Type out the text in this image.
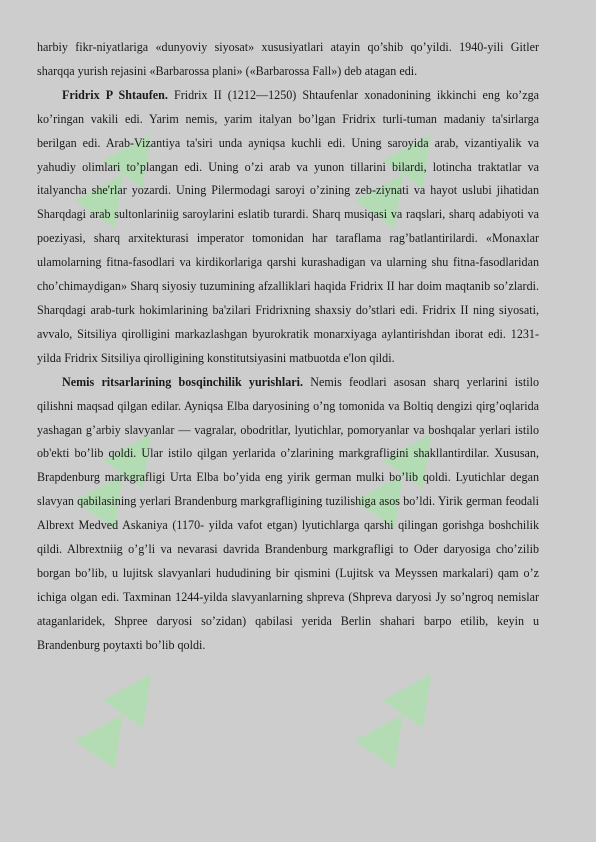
▶▶	▶▶
▶▶	▶▶
▶▶	▶▶

harbiy fikr-niyatlariga «dunyoviy siyosat» xususiyatlari atayin qo’shib qo’yildi. 1940-yili Gitler sharqqa yurish rejasini «Barbarossa plani» («Barbarossa Fall») deb atagan edi.

Fridrix P Shtaufen. Fridrix II (1212—1250) Shtaufenlar xonadonining ikkinchi eng ko’zga ko’ringan vakili edi. Yarim nemis, yarim italyan bo’lgan Fridrix turli-tuman madaniy ta'sirlarga berilgan edi. Arab-Vizantiya ta'siri unda ayniqsa kuchli edi. Uning saroyida arab, vizantiyalik va yahudiy olimlari to’plangan edi. Uning o’zi arab va yunon tillarini bilardi, lotincha traktatlar va italyancha she'rlar yozardi. Uning Pilermodagi saroyi o’zining zeb-ziynati va hayot uslubi jihatidan Sharqdagi arab sultonlariniig saroylarini eslatib turardi. Sharq musiqasi va raqslari, sharq adabiyoti va poeziyasi, sharq arxitekturasi imperator tomonidan har taraflama rag’batlantirilardi. «Monaxlar ulamolarning fitna-fasodlari va kirdikorlariga qarshi kurashadigan va ularning shu fitna-fasodlaridan cho’chimaydigan» Sharq siyosiy tuzumining afzalliklari haqida Fridrix II har doim maqtanib so’zlardi. Sharqdagi arab-turk hokimlarining ba'zilari Fridrixning shaxsiy do’stlari edi. Fridrix II ning siyosati, avvalo, Sitsiliya qirolligini markazlashgan byurokratik monarxiyaga aylantirishdan iborat edi. 1231- yilda Fridrix Sitsiliya qirolligining konstitutsiyasini matbuotda e'lon qildi.

Nemis ritsarlarining bosqinchilik yurishlari. Nemis feodlari asosan sharq yerlarini istilo qilishni maqsad qilgan edilar. Ayniqsa Elba daryosining o’ng tomonida va Boltiq dengizi qirg’oqlarida yashagan g’arbiy slavyanlar — vagralar, obodritlar, lyutichlar, pomoryanlar va boshqalar yerlari istilo ob'ekti bo’lib qoldi. Ular istilo qilgan yerlarida o’zlarining markgrafligini shakllantirdilar. Xususan, Brapdenburg markgrafligi Urta Elba bo’yida eng yirik german mulki bo’lib qoldi. Lyutichlar degan slavyan qabilasining yerlari Brandenburg markgrafligining tuzilishiga asos bo’ldi. Yirik german feodali Albrext Medved Askaniya (1170- yilda vafot etgan) lyutichlarga qarshi qilingan gorishga boshchilik qildi. Albrextniig o’g’li va nevarasi davrida Brandenburg markgrafligi to Oder daryosiga cho’zilib borgan bo’lib, u lujitsk slavyanlari hududining bir qismini (Lujitsk va Meyssen markalari) qam o’z ichiga olgan edi. Taxminan 1244-yilda slavyanlarning shpreva (Shpreva daryosi Jy so’ngroq nemislar ataganlaridek, Shpree daryosi so’zidan) qabilasi yerida Berlin shahari barpo etilib, keyin u Brandenburg poytaxti bo’lib qoldi.
